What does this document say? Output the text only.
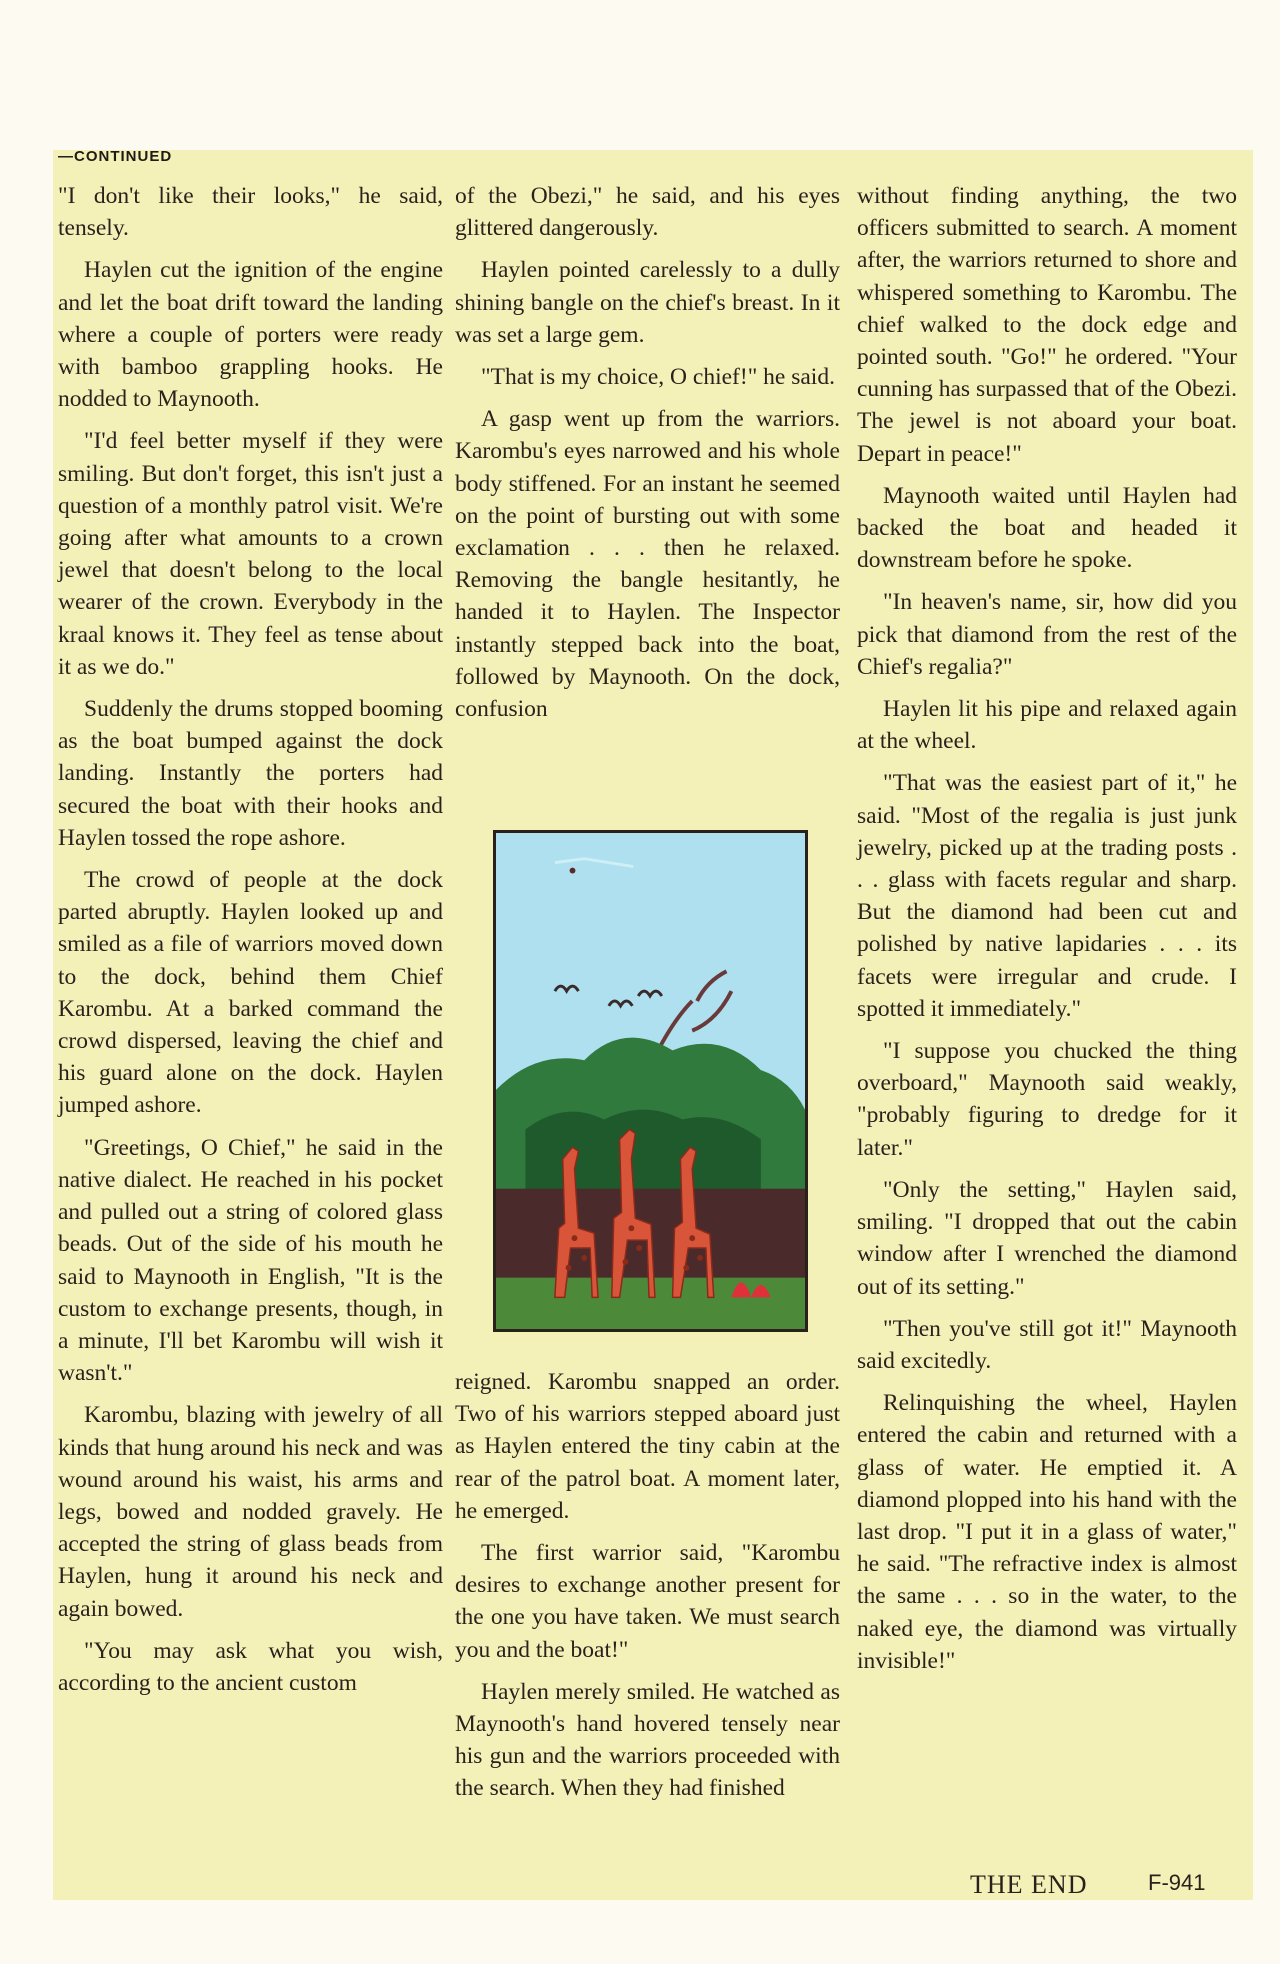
—CONTINUED

"I don't like their looks," he said, tensely.

Haylen cut the ignition of the engine and let the boat drift toward the landing where a couple of porters were ready with bamboo grappling hooks. He nodded to Maynooth.

"I'd feel better myself if they were smiling. But don't forget, this isn't just a question of a monthly patrol visit. We're going after what amounts to a crown jewel that doesn't belong to the local wearer of the crown. Everybody in the kraal knows it. They feel as tense about it as we do."

Suddenly the drums stopped booming as the boat bumped against the dock landing. Instantly the porters had secured the boat with their hooks and Haylen tossed the rope ashore.

The crowd of people at the dock parted abruptly. Haylen looked up and smiled as a file of warriors moved down to the dock, behind them Chief Karombu. At a barked command the crowd dispersed, leaving the chief and his guard alone on the dock. Haylen jumped ashore.

"Greetings, O Chief," he said in the native dialect. He reached in his pocket and pulled out a string of colored glass beads. Out of the side of his mouth he said to Maynooth in English, "It is the custom to exchange presents, though, in a minute, I'll bet Karombu will wish it wasn't."

Karombu, blazing with jewelry of all kinds that hung around his neck and was wound around his waist, his arms and legs, bowed and nodded gravely. He accepted the string of glass beads from Haylen, hung it around his neck and again bowed.

"You may ask what you wish, according to the ancient custom

of the Obezi," he said, and his eyes glittered dangerously.

Haylen pointed carelessly to a dully shining bangle on the chief's breast. In it was set a large gem.

"That is my choice, O chief!" he said.

A gasp went up from the warriors. Karombu's eyes narrowed and his whole body stiffened. For an instant he seemed on the point of bursting out with some exclamation . . . then he relaxed. Removing the bangle hesitantly, he handed it to Haylen. The Inspector instantly stepped back into the boat, followed by Maynooth. On the dock, confusion

reigned. Karombu snapped an order. Two of his warriors stepped aboard just as Haylen entered the tiny cabin at the rear of the patrol boat. A moment later, he emerged.

The first warrior said, "Karombu desires to exchange another present for the one you have taken. We must search you and the boat!"

Haylen merely smiled. He watched as Maynooth's hand hovered tensely near his gun and the warriors proceeded with the search. When they had finished

without finding anything, the two officers submitted to search. A moment after, the warriors returned to shore and whispered something to Karombu. The chief walked to the dock edge and pointed south. "Go!" he ordered. "Your cunning has surpassed that of the Obezi. The jewel is not aboard your boat. Depart in peace!"

Maynooth waited until Haylen had backed the boat and headed it downstream before he spoke.

"In heaven's name, sir, how did you pick that diamond from the rest of the Chief's regalia?"

Haylen lit his pipe and relaxed again at the wheel.

"That was the easiest part of it," he said. "Most of the regalia is just junk jewelry, picked up at the trading posts . . . glass with facets regular and sharp. But the diamond had been cut and polished by native lapidaries . . . its facets were irregular and crude. I spotted it immediately."

"I suppose you chucked the thing overboard," Maynooth said weakly, "probably figuring to dredge for it later."

"Only the setting," Haylen said, smiling. "I dropped that out the cabin window after I wrenched the diamond out of its setting."

"Then you've still got it!" Maynooth said excitedly.

Relinquishing the wheel, Haylen entered the cabin and returned with a glass of water. He emptied it. A diamond plopped into his hand with the last drop. "I put it in a glass of water," he said. "The refractive index is almost the same . . . so in the water, to the naked eye, the diamond was virtually invisible!"

THE END	F-941
